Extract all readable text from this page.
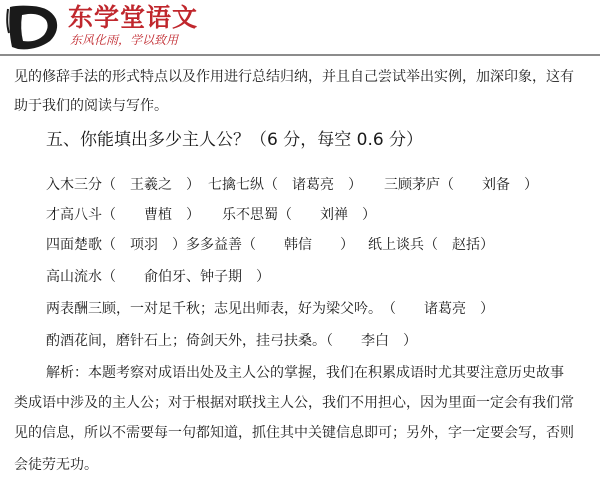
东学堂语文
东风化雨，学以致用
见的修辞手法的形式特点以及作用进行总结归纳，并且自己尝试举出实例，加深印象，这有
助于我们的阅读与写作。
五、你能填出多少主人公？（6 分，每空 0.6 分）
入木三分（　王羲之　） 七擒七纵（　诸葛亮　） 三顾茅庐（　　刘备　）
才高八斗（　　曹植　） 乐不思蜀（　　刘禅　）
四面楚歌（　项羽　） 多多益善（　　韩信　　） 纸上谈兵（　赵括）
高山流水（　　俞伯牙、钟子期　）
两表酬三顾，一对足千秋；志见出师表，好为梁父吟。　（　　诸葛亮　）
酌酒花间，磨针石上；倚剑天外，挂弓扶桑。（　　李白　）
解析：本题考察对成语出处及主人公的掌握，我们在积累成语时尤其要注意历史故事
类成语中涉及的主人公；对于根据对联找主人公，我们不用担心，因为里面一定会有我们常
见的信息，所以不需要每一句都知道，抓住其中关键信息即可；另外，字一定要会写，否则
会徒劳无功。
